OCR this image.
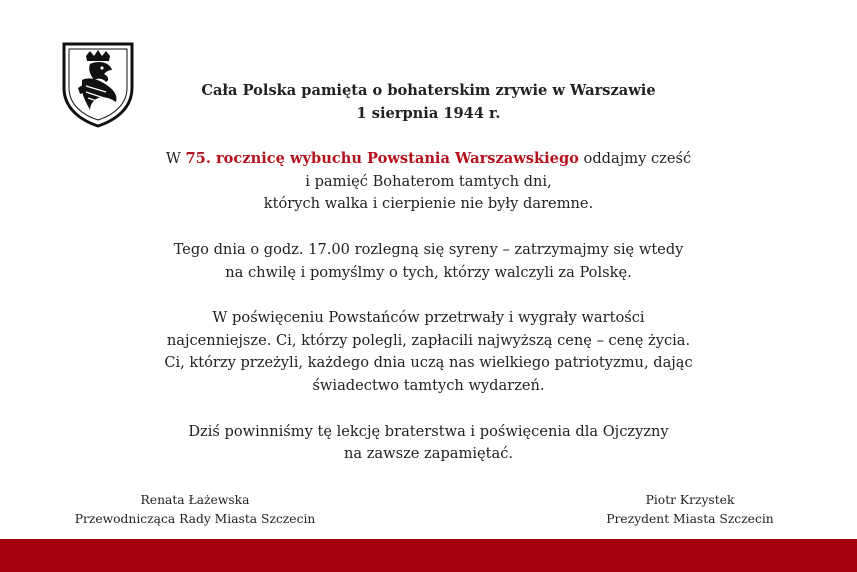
Cała Polska pamięta o bohaterskim zrywie w Warszawie
1 sierpnia 1944 r.

W 75. rocznicę wybuchu Powstania Warszawskiego oddajmy cześć
i pamięć Bohaterom tamtych dni,
których walka i cierpienie nie były daremne.

Tego dnia o godz. 17.00 rozlegną się syreny – zatrzymajmy się wtedy
na chwilę i pomyślmy o tych, którzy walczyli za Polskę.

W poświęceniu Powstańców przetrwały i wygrały wartości
najcenniejsze. Ci, którzy polegli, zapłacili najwyższą cenę – cenę życia.
Ci, którzy przeżyli, każdego dnia uczą nas wielkiego patriotyzmu, dając
świadectwo tamtych wydarzeń.

Dziś powinniśmy tę lekcję braterstwa i poświęcenia dla Ojczyzny
na zawsze zapamiętać.

Renata Łażewska
Przewodnicząca Rady Miasta Szczecin
Piotr Krzystek
Prezydent Miasta Szczecin
